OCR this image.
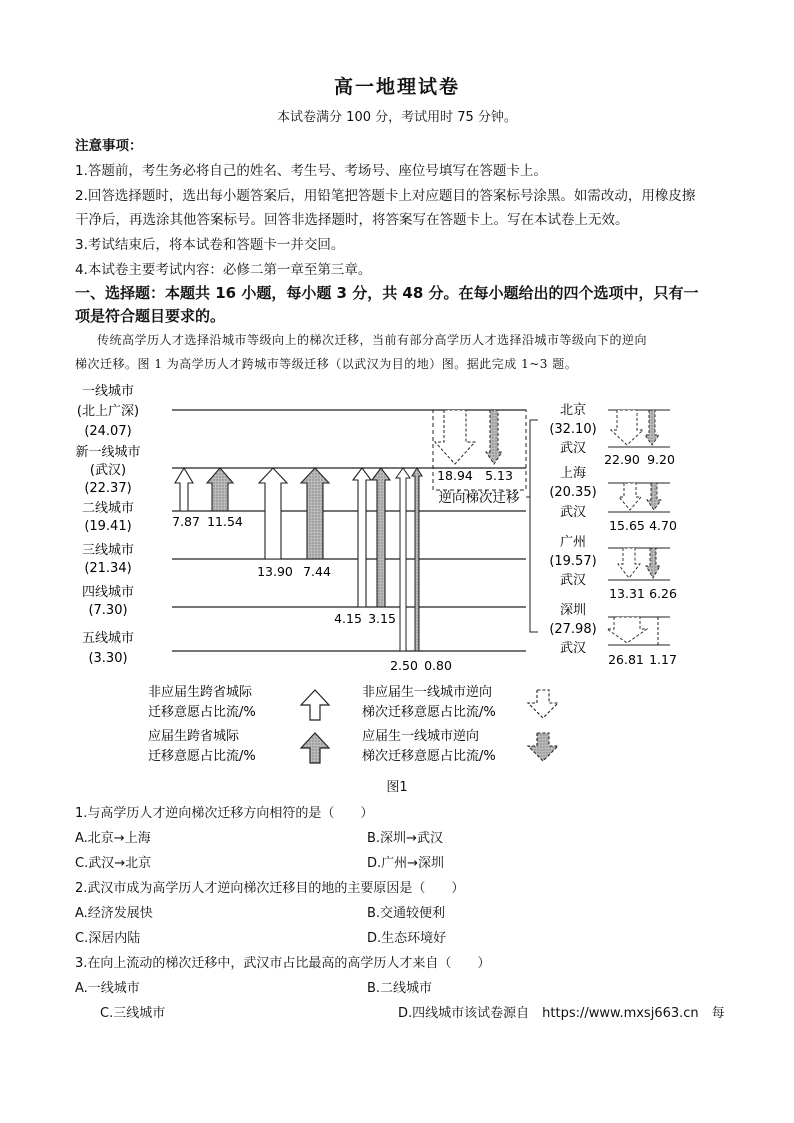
高一地理试卷
本试卷满分 100 分，考试用时 75 分钟。
注意事项：
1.答题前，考生务必将自己的姓名、考生号、考场号、座位号填写在答题卡上。
2.回答选择题时，选出每小题答案后，用铅笔把答题卡上对应题目的答案标号涂黑。如需改动，用橡皮擦
干净后，再选涂其他答案标号。回答非选择题时，将答案写在答题卡上。写在本试卷上无效。
3.考试结束后，将本试卷和答题卡一并交回。
4.本试卷主要考试内容：必修二第一章至第三章。
一、选择题：本题共 16 小题，每小题 3 分，共 48 分。在每小题给出的四个选项中，只有一
项是符合题目要求的。
传统高学历人才选择沿城市等级向上的梯次迁移，当前有部分高学历人才选择沿城市等级向下的逆向
梯次迁移。图 1 为高学历人才跨城市等级迁移（以武汉为目的地）图。据此完成 1~3 题。
一线城市
(北上广深)
(24.07)
新一线城市
(武汉)
(22.37)
二线城市
(19.41)
三线城市
(21.34)
四线城市
(7.30)
五线城市
(3.30)
7.87 11.54
13.90 7.44
4.15 3.15
2.50 0.80
18.94 5.13
逆向梯次迁移
北京
(32.10)
武汉
22.90 9.20
上海
(20.35)
武汉
15.65 4.70
广州
(19.57)
武汉
13.31 6.26
深圳
(27.98)
武汉
26.81 1.17
非应届生跨省城际
迁移意愿占比流/%
非应届生一线城市逆向
梯次迁移意愿占比流/%
应届生跨省城际
迁移意愿占比流/%
应届生一线城市逆向
梯次迁移意愿占比流/%
图1
1.与高学历人才逆向梯次迁移方向相符的是（　　）
A.北京→上海	B.深圳→武汉
C.武汉→北京	D.广州→深圳
2.武汉市成为高学历人才逆向梯次迁移目的地的主要原因是（　　）
A.经济发展快	B.交通较便利
C.深居内陆	D.生态环境好
3.在向上流动的梯次迁移中，武汉市占比最高的高学历人才来自（　　）
A.一线城市	B.二线城市
C.三线城市	D.四线城市该试卷源自　https://www.mxsj663.cn　每
